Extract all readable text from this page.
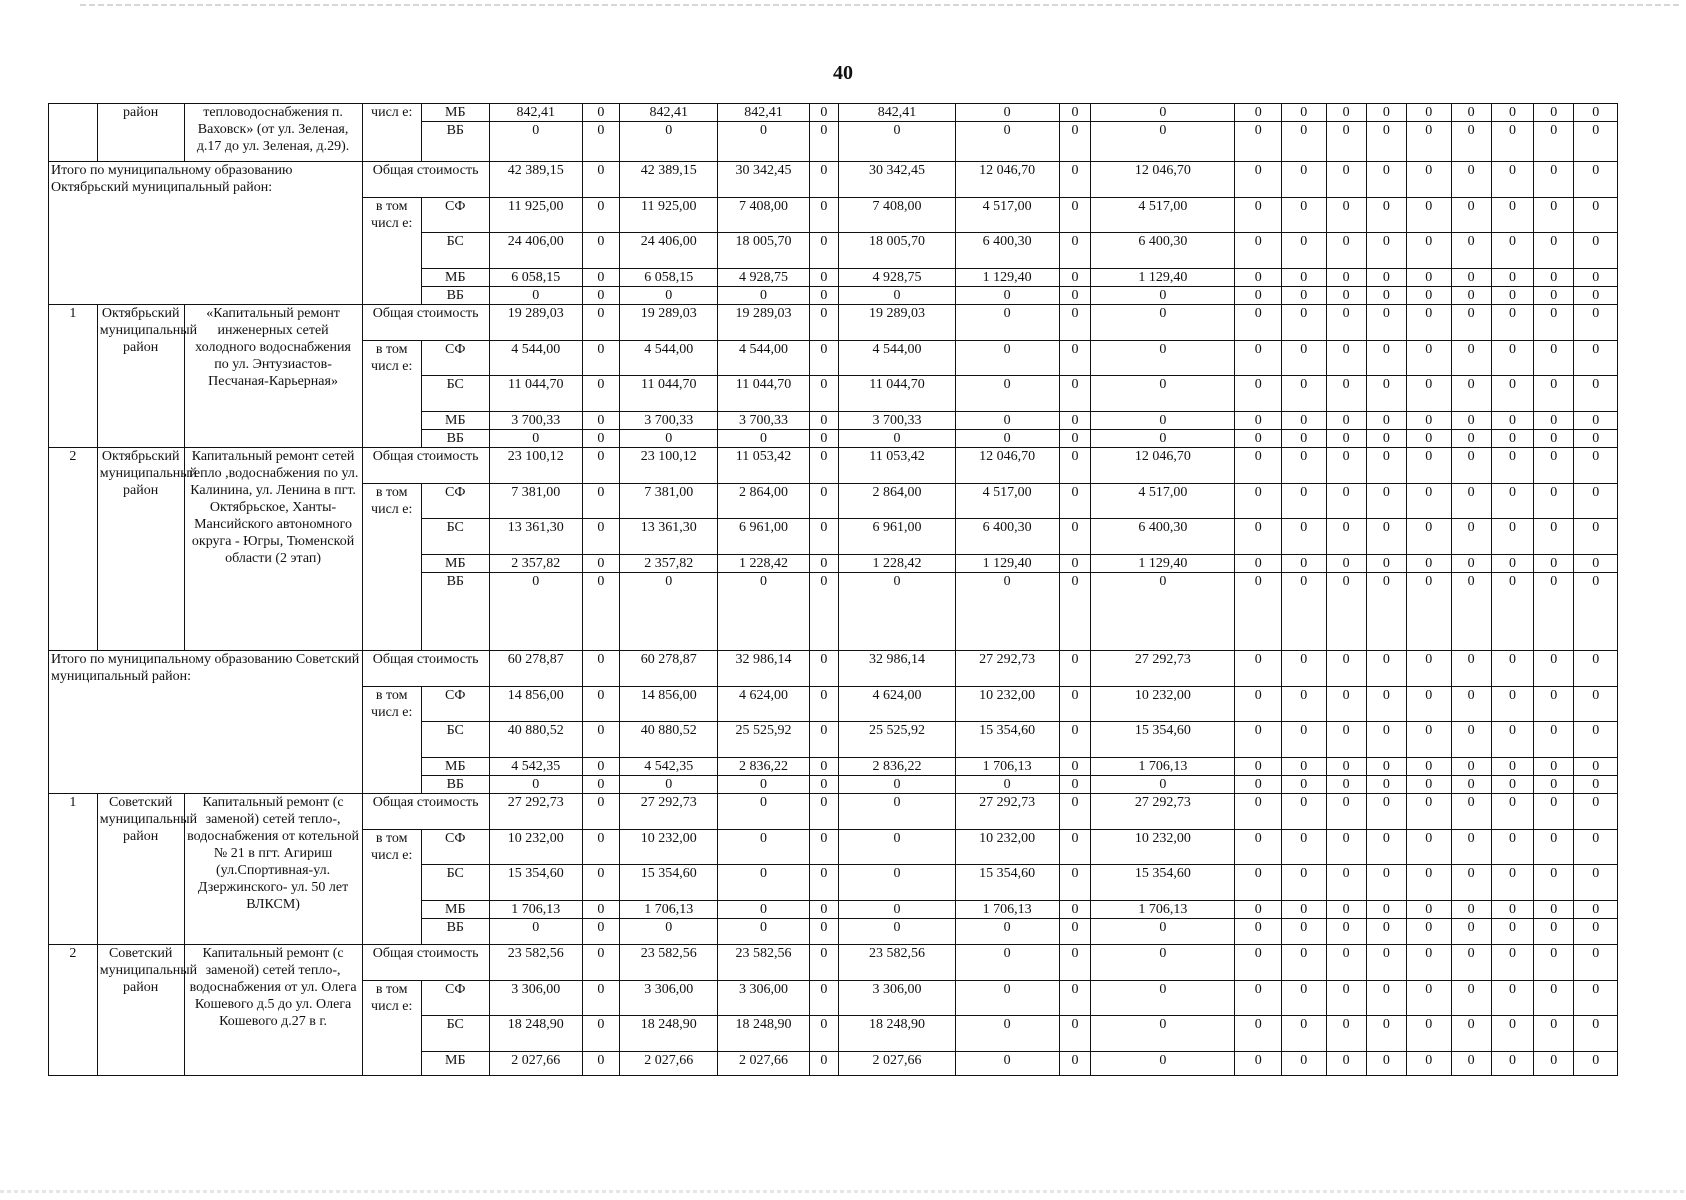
40
	район	тепловодоснабжения п. Ваховск» (от ул. Зеленая, д.17 до ул. Зеленая, д.29).	числ е:	МБ	842,41	0	842,41	842,41	0	842,41	0	0	0	0	0	0	0	0	0	0	0	0
				ВБ	0	0	0	0	0	0	0	0	0	0	0	0	0	0	0	0	0	0
Итого по муниципальному образованию Октябрьский муниципальный район:			Общая стоимость		42 389,15	0	42 389,15	30 342,45	0	30 342,45	12 046,70	0	12 046,70	0	0	0	0	0	0	0	0	0
			в том числ е:	СФ	11 925,00	0	11 925,00	7 408,00	0	7 408,00	4 517,00	0	4 517,00	0	0	0	0	0	0	0	0	0
				БС	24 406,00	0	24 406,00	18 005,70	0	18 005,70	6 400,30	0	6 400,30	0	0	0	0	0	0	0	0	0
				МБ	6 058,15	0	6 058,15	4 928,75	0	4 928,75	1 129,40	0	1 129,40	0	0	0	0	0	0	0	0	0
				ВБ	0	0	0	0	0	0	0	0	0	0	0	0	0	0	0	0	0	0
1	Октябрьский муниципальный район	«Капитальный ремонт инженерных сетей холодного водоснабжения по ул. Энтузиастов-Песчаная-Карьерная»	Общая стоимость		19 289,03	0	19 289,03	19 289,03	0	19 289,03	0	0	0	0	0	0	0	0	0	0	0	0
			в том числ е:	СФ	4 544,00	0	4 544,00	4 544,00	0	4 544,00	0	0	0	0	0	0	0	0	0	0	0	0
				БС	11 044,70	0	11 044,70	11 044,70	0	11 044,70	0	0	0	0	0	0	0	0	0	0	0	0
				МБ	3 700,33	0	3 700,33	3 700,33	0	3 700,33	0	0	0	0	0	0	0	0	0	0	0	0
				ВБ	0	0	0	0	0	0	0	0	0	0	0	0	0	0	0	0	0	0
2	Октябрьский муниципальный район	Капитальный ремонт сетей тепло ,водоснабжения по ул. Калинина, ул. Ленина в пгт. Октябрьское, Ханты-Мансийского автономного округа - Югры, Тюменской области (2 этап)	Общая стоимость		23 100,12	0	23 100,12	11 053,42	0	11 053,42	12 046,70	0	12 046,70	0	0	0	0	0	0	0	0	0
			в том числ е:	СФ	7 381,00	0	7 381,00	2 864,00	0	2 864,00	4 517,00	0	4 517,00	0	0	0	0	0	0	0	0	0
				БС	13 361,30	0	13 361,30	6 961,00	0	6 961,00	6 400,30	0	6 400,30	0	0	0	0	0	0	0	0	0
				МБ	2 357,82	0	2 357,82	1 228,42	0	1 228,42	1 129,40	0	1 129,40	0	0	0	0	0	0	0	0	0
				ВБ	0	0	0	0	0	0	0	0	0	0	0	0	0	0	0	0	0	0
Итого по муниципальному образованию Советский муниципальный район:			Общая стоимость		60 278,87	0	60 278,87	32 986,14	0	32 986,14	27 292,73	0	27 292,73	0	0	0	0	0	0	0	0	0
			в том числ е:	СФ	14 856,00	0	14 856,00	4 624,00	0	4 624,00	10 232,00	0	10 232,00	0	0	0	0	0	0	0	0	0
				БС	40 880,52	0	40 880,52	25 525,92	0	25 525,92	15 354,60	0	15 354,60	0	0	0	0	0	0	0	0	0
				МБ	4 542,35	0	4 542,35	2 836,22	0	2 836,22	1 706,13	0	1 706,13	0	0	0	0	0	0	0	0	0
				ВБ	0	0	0	0	0	0	0	0	0	0	0	0	0	0	0	0	0	0
1	Советский муниципальный район	Капитальный ремонт (с заменой) сетей тепло-, водоснабжения от котельной № 21 в пгт. Агириш (ул.Спортивная-ул. Дзержинского- ул. 50 лет ВЛКСМ)	Общая стоимость		27 292,73	0	27 292,73	0	0	0	27 292,73	0	27 292,73	0	0	0	0	0	0	0	0	0
			в том числ е:	СФ	10 232,00	0	10 232,00	0	0	0	10 232,00	0	10 232,00	0	0	0	0	0	0	0	0	0
				БС	15 354,60	0	15 354,60	0	0	0	15 354,60	0	15 354,60	0	0	0	0	0	0	0	0	0
				МБ	1 706,13	0	1 706,13	0	0	0	1 706,13	0	1 706,13	0	0	0	0	0	0	0	0	0
				ВБ	0	0	0	0	0	0	0	0	0	0	0	0	0	0	0	0	0	0
2	Советский муниципальный район	Капитальный ремонт (с заменой) сетей тепло-, водоснабжения от ул. Олега Кошевого д.5 до ул. Олега Кошевого д.27 в г.	Общая стоимость		23 582,56	0	23 582,56	23 582,56	0	23 582,56	0	0	0	0	0	0	0	0	0	0	0	0
			в том числ е:	СФ	3 306,00	0	3 306,00	3 306,00	0	3 306,00	0	0	0	0	0	0	0	0	0	0	0	0
				БС	18 248,90	0	18 248,90	18 248,90	0	18 248,90	0	0	0	0	0	0	0	0	0	0	0	0
				МБ	2 027,66	0	2 027,66	2 027,66	0	2 027,66	0	0	0	0	0	0	0	0	0	0	0	0
